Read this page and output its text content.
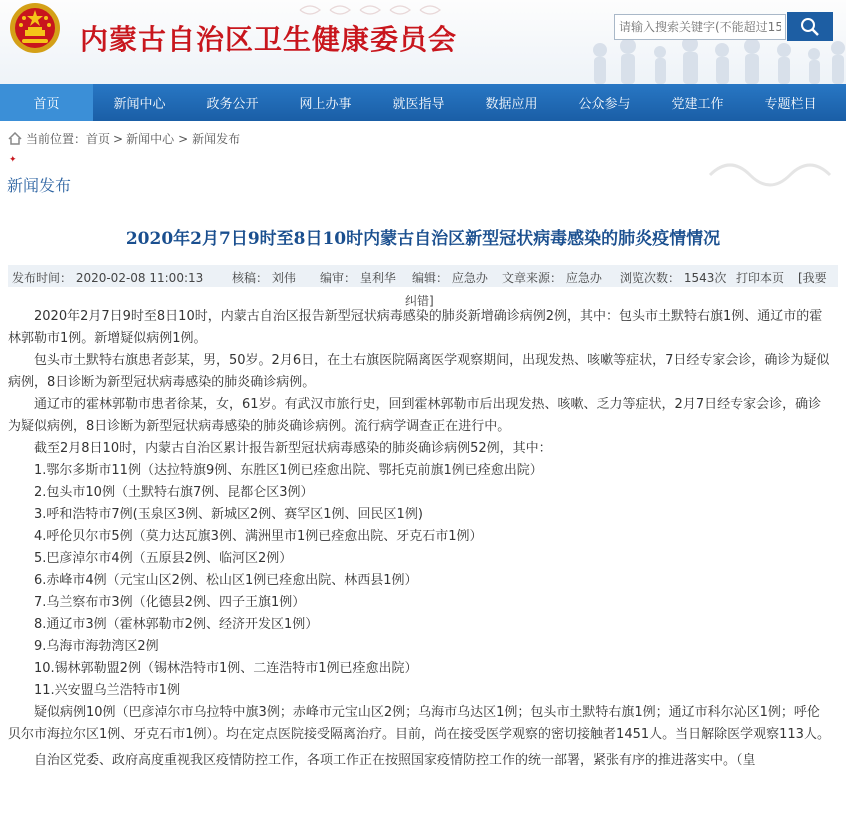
内蒙古自治区卫生健康委员会
请输入搜索关键字(不能超过15)
首页	新闻中心	政务公开	网上办事	就医指导	数据应用	公众参与	党建工作	专题栏目
当前位置： 首页 > 新闻中心 > 新闻发布
✦
新闻发布
2020年2月7日9时至8日10时内蒙古自治区新型冠状病毒感染的肺炎疫情情况
发布时间： 2020-02-08 11:00:13 核稿： 刘伟 编审： 皇利华 编辑： 应急办 文章来源： 应急办 浏览次数： 1543次 打印本页 [我要
纠错]

2020年2月7日9时至8日10时，内蒙古自治区报告新型冠状病毒感染的肺炎新增确诊病例2例，其中：包头市土默特右旗1例、通辽市的霍林郭勒市1例。新增疑似病例1例。

包头市土默特右旗患者彭某，男，50岁。2月6日，在土右旗医院隔离医学观察期间，出现发热、咳嗽等症状，7日经专家会诊，确诊为疑似病例，8日诊断为新型冠状病毒感染的肺炎确诊病例。

通辽市的霍林郭勒市患者徐某，女，61岁。有武汉市旅行史，回到霍林郭勒市后出现发热、咳嗽、乏力等症状，2月7日经专家会诊，确诊为疑似病例，8日诊断为新型冠状病毒感染的肺炎确诊病例。流行病学调查正在进行中。

截至2月8日10时，内蒙古自治区累计报告新型冠状病毒感染的肺炎确诊病例52例，其中：

1.鄂尔多斯市11例（达拉特旗9例、东胜区1例已痊愈出院、鄂托克前旗1例已痊愈出院）

2.包头市10例（土默特右旗7例、昆都仑区3例）

3.呼和浩特市7例(玉泉区3例、新城区2例、赛罕区1例、回民区1例)

4.呼伦贝尔市5例（莫力达瓦旗3例、满洲里市1例已痊愈出院、牙克石市1例）

5.巴彦淖尔市4例（五原县2例、临河区2例）

6.赤峰市4例（元宝山区2例、松山区1例已痊愈出院、林西县1例）

7.乌兰察布市3例（化德县2例、四子王旗1例）

8.通辽市3例（霍林郭勒市2例、经济开发区1例）

9.乌海市海勃湾区2例

10.锡林郭勒盟2例（锡林浩特市1例、二连浩特市1例已痊愈出院）

11.兴安盟乌兰浩特市1例

疑似病例10例（巴彦淖尔市乌拉特中旗3例；赤峰市元宝山区2例；乌海市乌达区1例；包头市土默特右旗1例；通辽市科尔沁区1例；呼伦贝尔市海拉尔区1例、牙克石市1例）。均在定点医院接受隔离治疗。目前，尚在接受医学观察的密切接触者1451人。当日解除医学观察113人。

自治区党委、政府高度重视我区疫情防控工作，各项工作正在按照国家疫情防控工作的统一部署，紧张有序的推进落实中。（皇
